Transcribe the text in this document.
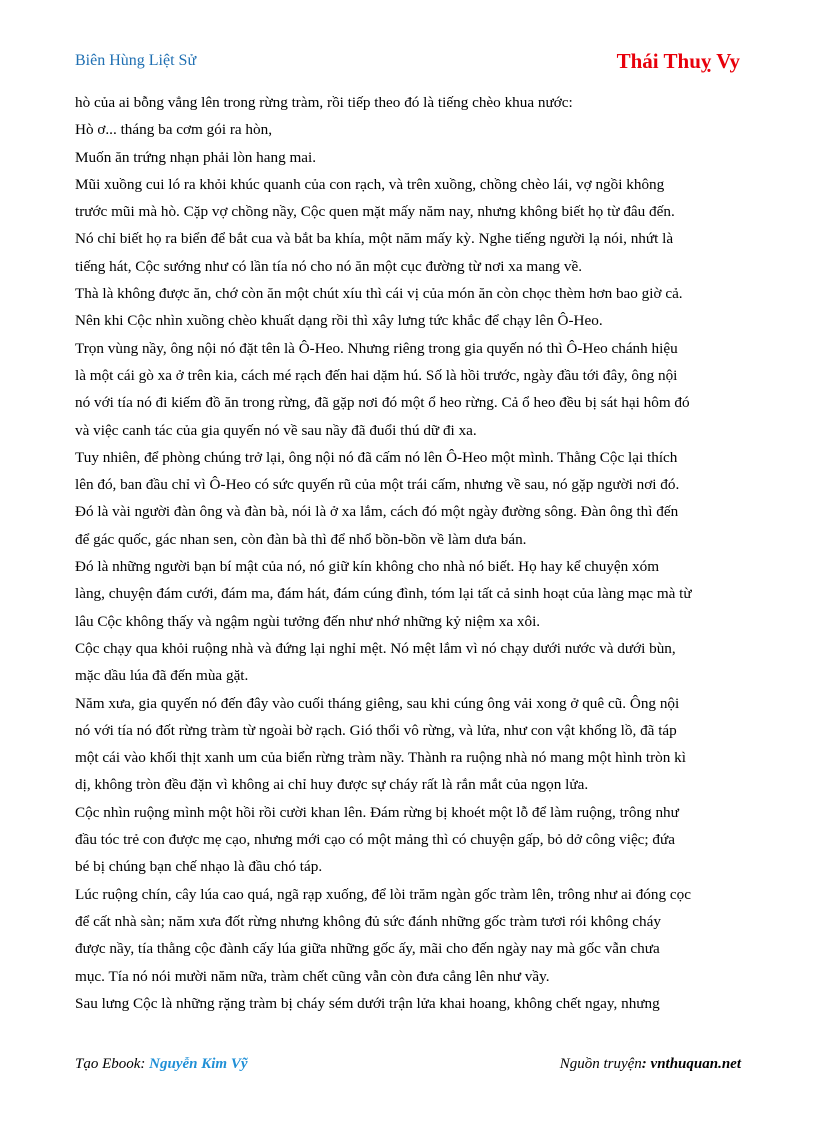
Biên Hùng Liệt Sử	Thái Thuỵ Vy
hò của ai bỗng vẳng lên trong rừng tràm, rồi tiếp theo đó là tiếng chèo khua nước:
Hò ơ... tháng ba cơm gói ra hòn,
Muốn ăn trứng nhạn phải lòn hang mai.
Mũi xuồng cui ló ra khỏi khúc quanh của con rạch, và trên xuồng, chồng chèo lái, vợ ngồi không
trước mũi mà hò. Cặp vợ chồng nầy, Cộc quen mặt mấy năm nay, nhưng không biết họ từ đâu đến.
Nó chỉ biết họ ra biển để bắt cua và bắt ba khía, một năm mấy kỳ. Nghe tiếng người lạ nói, nhứt là
tiếng hát, Cộc sướng như có lần tía nó cho nó ăn một cục đường từ nơi xa mang về.
Thà là không được ăn, chớ còn ăn một chút xíu thì cái vị của món ăn còn chọc thèm hơn bao giờ cả.
Nên khi Cộc nhìn xuồng chèo khuất dạng rồi thì xây lưng tức khắc để chạy lên Ô-Heo.
Trọn vùng nầy, ông nội nó đặt tên là Ô-Heo. Nhưng riêng trong gia quyến nó thì Ô-Heo chánh hiệu
là một cái gò xa ở trên kia, cách mé rạch đến hai dặm hú. Số là hồi trước, ngày đầu tới đây, ông nội
nó với tía nó đi kiếm đồ ăn trong rừng, đã gặp nơi đó một ổ heo rừng. Cả ổ heo đều bị sát hại hôm đó
và việc canh tác của gia quyến nó về sau nầy đã đuổi thú dữ đi xa.
Tuy nhiên, để phòng chúng trở lại, ông nội nó đã cấm nó lên Ô-Heo một mình. Thằng Cộc lại thích
lên đó, ban đầu chỉ vì Ô-Heo có sức quyến rũ của một trái cấm, nhưng về sau, nó gặp người nơi đó.
Đó là vài người đàn ông và đàn bà, nói là ở xa lắm, cách đó một ngày đường sông. Đàn ông thì đến
để gác quốc, gác nhan sen, còn đàn bà thì để nhổ bồn-bồn về làm dưa bán.
Đó là những người bạn bí mật của nó, nó giữ kín không cho nhà nó biết. Họ hay kể chuyện xóm
làng, chuyện đám cưới, đám ma, đám hát, đám cúng đình, tóm lại tất cả sinh hoạt của làng mạc mà từ
lâu Cộc không thấy và ngậm ngùi tưởng đến như nhớ những kỷ niệm xa xôi.
Cộc chạy qua khỏi ruộng nhà và đứng lại nghỉ mệt. Nó mệt lắm vì nó chạy dưới nước và dưới bùn,
mặc dầu lúa đã đến mùa gặt.
Năm xưa, gia quyến nó đến đây vào cuối tháng giêng, sau khi cúng ông vải xong ở quê cũ. Ông nội
nó với tía nó đốt rừng tràm từ ngoài bờ rạch. Gió thổi vô rừng, và lửa, như con vật khổng lồ, đã táp
một cái vào khối thịt xanh um của biển rừng tràm nầy. Thành ra ruộng nhà nó mang một hình tròn kì
dị, không tròn đều đặn vì không ai chỉ huy được sự cháy rất là rắn mắt của ngọn lửa.
Cộc nhìn ruộng mình một hồi rồi cười khan lên. Đám rừng bị khoét một lỗ để làm ruộng, trông như
đầu tóc trẻ con được mẹ cạo, nhưng mới cạo có một mảng thì có chuyện gấp, bỏ dở công việc; đứa
bé bị chúng bạn chế nhạo là đầu chó táp.
Lúc ruộng chín, cây lúa cao quá, ngã rạp xuống, để lòi trăm ngàn gốc tràm lên, trông như ai đóng cọc
để cất nhà sàn; năm xưa đốt rừng nhưng không đủ sức đánh những gốc tràm tươi rói không cháy
được nầy, tía thằng cộc đành cấy lúa giữa những gốc ấy, mãi cho đến ngày nay mà gốc vẫn chưa
mục. Tía nó nói mười năm nữa, tràm chết cũng vẫn còn đưa cẳng lên như vầy.
Sau lưng Cộc là những rặng tràm bị cháy sém dưới trận lửa khai hoang, không chết ngay, nhưng
Tạo Ebook: Nguyễn Kim Vỹ	Nguồn truyện: vnthuquan.net
